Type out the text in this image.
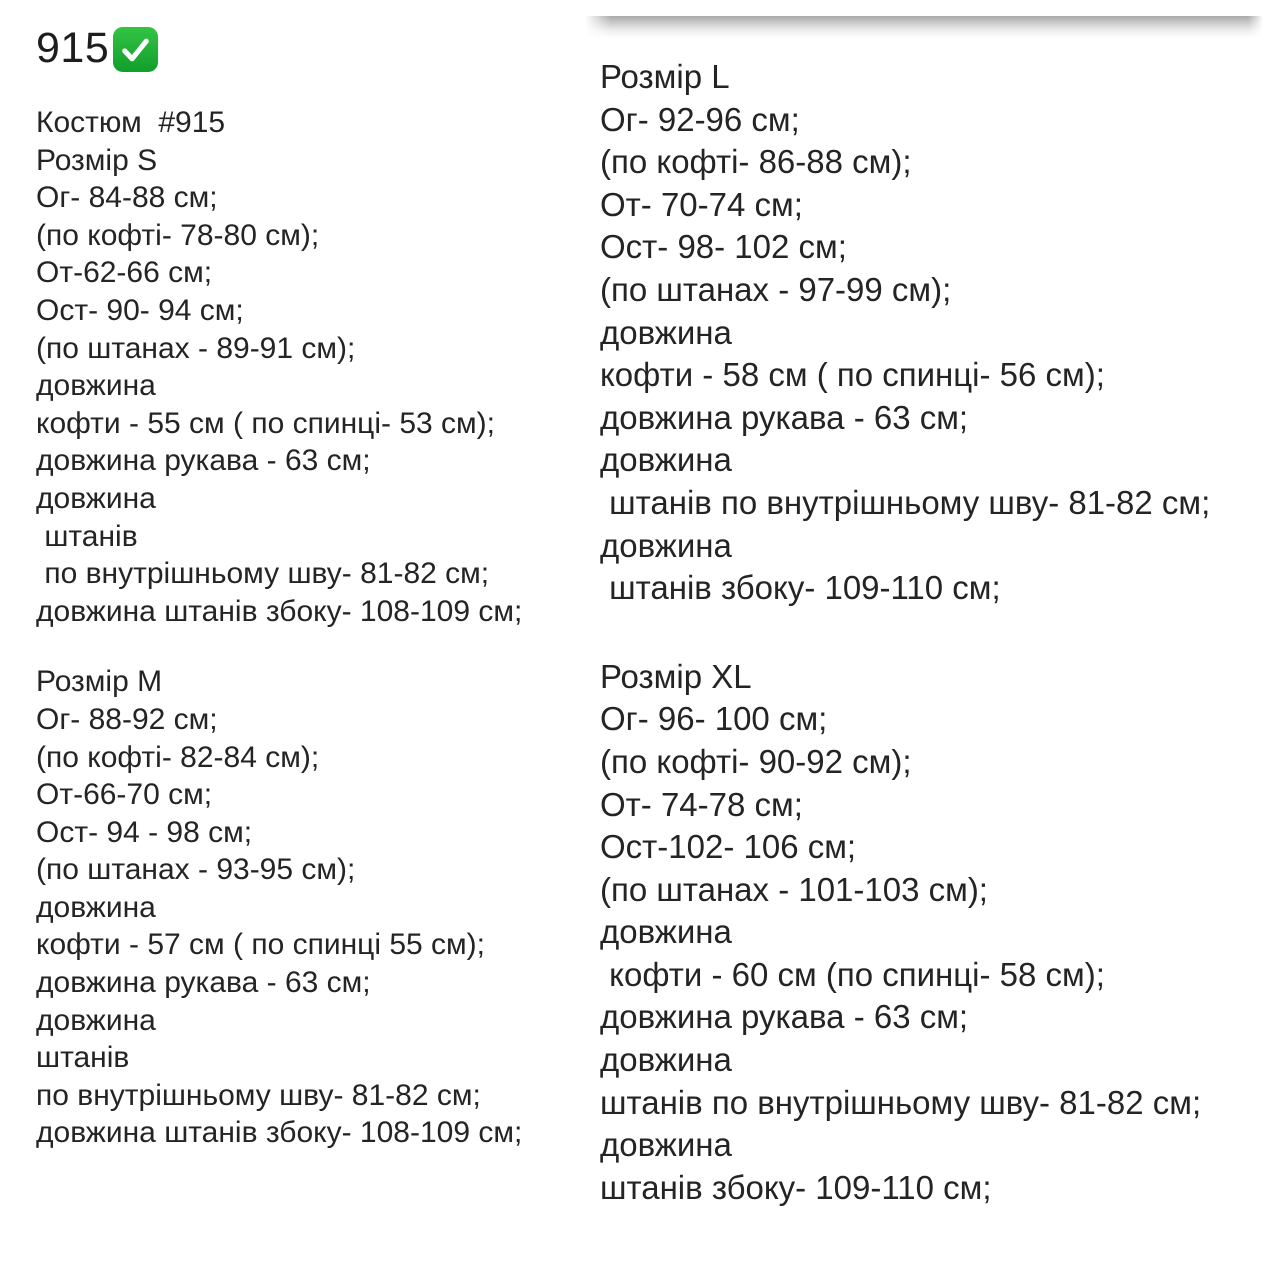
915
Костюм  #915
Розмір S
Ог- 84-88 см;
(по кофті- 78-80 см);
От-62-66 см;
Ост- 90- 94 см;
(по штанах - 89-91 см);
довжина
кофти - 55 см ( по спинці- 53 см);
довжина рукава - 63 см;
довжина
штанів
по внутрішньому шву- 81-82 см;
довжина штанів збоку- 108-109 см;
Розмір M
Ог- 88-92 см;
(по кофті- 82-84 см);
От-66-70 см;
Ост- 94 - 98 см;
(по штанах - 93-95 см);
довжина
кофти - 57 см ( по спинці 55 см);
довжина рукава - 63 см;
довжина
штанів
по внутрішньому шву- 81-82 см;
довжина штанів збоку- 108-109 см;
Розмір L
Ог- 92-96 см;
(по кофті- 86-88 см);
От- 70-74 см;
Ост- 98- 102 см;
(по штанах - 97-99 см);
довжина
кофти - 58 см ( по спинці- 56 см);
довжина рукава - 63 см;
довжина
штанів по внутрішньому шву- 81-82 см;
довжина
штанів збоку- 109-110 см;
Розмір XL
Ог- 96- 100 см;
(по кофті- 90-92 см);
От- 74-78 см;
Ост-102- 106 см;
(по штанах - 101-103 см);
довжина
кофти - 60 см (по спинці- 58 см);
довжина рукава - 63 см;
довжина
штанів по внутрішньому шву- 81-82 см;
довжина
штанів збоку- 109-110 см;
